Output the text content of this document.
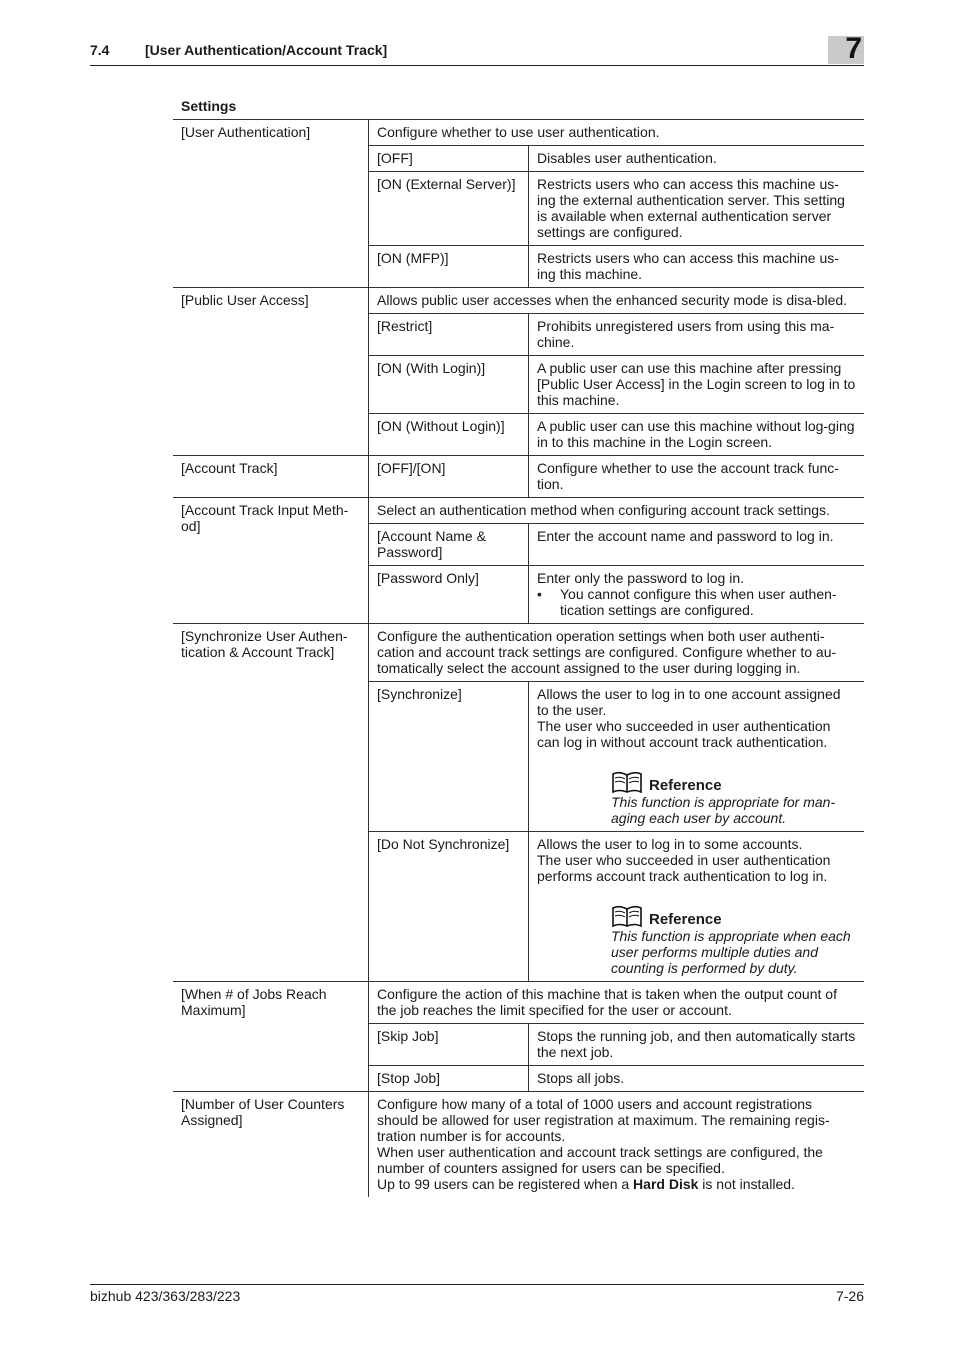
7.4	[User Authentication/Account Track]	7
Settings
[User Authentication]	Configure whether to use user authentication.	
	[OFF]	Disables user authentication.
	[ON (External Server)]	Restricts users who can access this machine us-ing the external authentication server. This setting is available when external authentication server settings are configured.
	[ON (MFP)]	Restricts users who can access this machine us-ing this machine.
[Public User Access]	Allows public user accesses when the enhanced security mode is disa-bled.	
	[Restrict]	Prohibits unregistered users from using this ma-chine.
	[ON (With Login)]	A public user can use this machine after pressing [Public User Access] in the Login screen to log in to this machine.
	[ON (Without Login)]	A public user can use this machine without log-ging in to this machine in the Login screen.
[Account Track]	[OFF]/[ON]	Configure whether to use the account track func-tion.
[Account Track Input Meth-od]	Select an authentication method when configuring account track settings.	
	[Account Name & Password]	Enter the account name and password to log in.
	[Password Only]	Enter only the password to log in.
• You cannot configure this when user authen-tication settings are configured.

[Synchronize User Authen-tication & Account Track]	Configure the authentication operation settings when both user authenti-cation and account track settings are configured. Configure whether to au-tomatically select the account assigned to the user during logging in.	
	[Synchronize]	Allows the user to log in to one account assigned to the user.
The user who succeeded in user authentication can log in without account track authentication.
Reference
This function is appropriate for man-aging each user by account.

	[Do Not Synchronize]	Allows the user to log in to some accounts.
The user who succeeded in user authentication performs account track authentication to log in.
Reference
This function is appropriate when each user performs multiple duties and counting is performed by duty.

[When # of Jobs Reach Maximum]	Configure the action of this machine that is taken when the output count of the job reaches the limit specified for the user or account.	
	[Skip Job]	Stops the running job, and then automatically starts the next job.
	[Stop Job]	Stops all jobs.
[Number of User Counters Assigned]	Configure how many of a total of 1000 users and account registrations should be allowed for user registration at maximum. The remaining regis-tration number is for accounts.
When user authentication and account track settings are configured, the number of counters assigned for users can be specified.
Up to 99 users can be registered when a Hard Disk is not installed.	
bizhub 423/363/283/223	7-26
